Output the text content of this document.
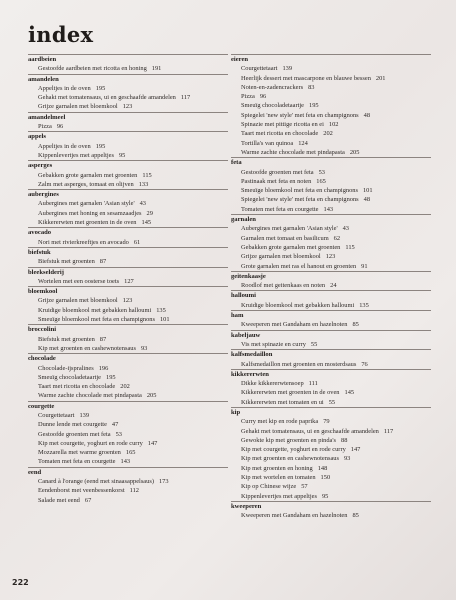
index
aardbeien
Gestoofde aardbeien met ricotta en honing 191
amandelen
Appeltjes in de oven 195
Gehakt met tomatensaus, ui en geschaafde amandelen 117
Grijze garnalen met bloemkool 123
amandelmeel
Pizza 96
appels
Appeltjes in de oven 195
Kippenlevertjes met appeltjes 95
asperges
Gebakken grote garnalen met groenten 115
Zalm met asperges, tomaat en olijven 133
aubergines
Aubergines met garnalen 'Asian style' 43
Aubergines met honing en sesamzaadjes 29
Kikkererwten met groenten in de oven 145
avocado
Nori met rivierkreeftjes en avocado 61
biefstuk
Biefstuk met groenten 87
bleekselderij
Wortelen met een oosterse toets 127
bloemkool
Grijze garnalen met bloemkool 123
Kruidige bloemkool met gebakken halloumi 135
Smeuïge bloemkool met feta en champignons 101
broccolini
Biefstuk met groenten 87
Kip met groenten en cashewnotensaus 93
chocolade
Chocolade-ijspralines 196
Smeuïg chocoladetaartje 195
Taart met ricotta en chocolade 202
Warme zachte chocolade met pindapasta 205
courgette
Courgettetaart 139
Dunne lende met courgette 47
Gestoofde groenten met feta 53
Kip met courgette, yoghurt en rode curry 147
Mozzarella met warme groenten 165
Tomaten met feta en courgette 143
eend
Canard à l'orange (eend met sinaasappelsaus) 173
Eendenborst met veenbessenkorst 112
Salade met eend 67
eieren
Courgettetaart 139
Heerlijk dessert met mascarpone en blauwe bessen 201
Noten-en-zadencrackers 83
Pizza 96
Smeuïg chocoladetaartje 195
Spiegelei 'new style' met feta en champignons 48
Spinazie met pittige ricotta en ei 102
Taart met ricotta en chocolade 202
Tortilla's van quinoa 124
Warme zachte chocolade met pindapasta 205
feta
Gestoofde groenten met feta 53
Pastinaak met feta en noten 165
Smeuïge bloemkool met feta en champignons 101
Spiegelei 'new style' met feta en champignons 48
Tomaten met feta en courgette 143
garnalen
Aubergines met garnalen 'Asian style' 43
Garnalen met tomaat en basilicum 62
Gebakken grote garnalen met groenten 115
Grijze garnalen met bloemkool 123
Grote garnalen met ras el hanout en groenten 91
geitenkaasje
Roodlof met geitenkaas en noten 24
halloumi
Kruidige bloemkool met gebakken halloumi 135
ham
Kweeperen met Gandaham en hazelnoten 85
kabeljauw
Vis met spinazie en curry 55
kalfsmedaillon
Kalfsmedaillon met groenten en mosterdsaus 76
kikkererwten
Dikke kikkererwtensoep 111
Kikkererwten met groenten in de oven 145
Kikkererwten met tomaten en ui 55
kip
Curry met kip en rode paprika 79
Gehakt met tomatensaus, ui en geschaafde amandelen 117
Gewokte kip met groenten en pinda's 88
Kip met courgette, yoghurt en rode curry 147
Kip met groenten en cashewnotensaus 93
Kip met groenten en honing 148
Kip met wortelen en tomaten 150
Kip op Chinese wijze 57
Kippenlevertjes met appeltjes 95
kweeperen
Kweeperen met Gandaham en hazelnoten 85
222
